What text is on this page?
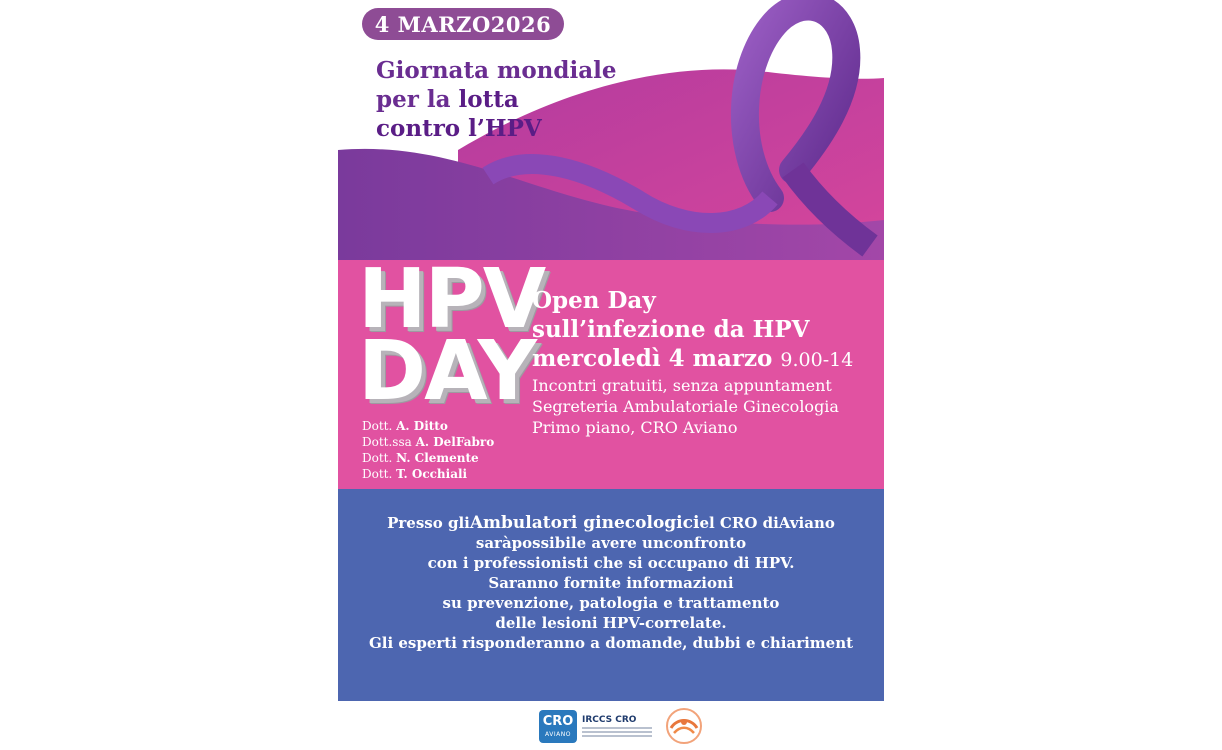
4 MARZO2026
Giornata mondiale
per la lotta
contro l’HPV
HPV
DAY
Dott. A. Ditto
Dott.ssa A. DelFabro
Dott. N. Clemente
Dott. T. Occhiali
Open Day
sull’infezione da HPV
mercoledì 4 marzo 9.00-14
Incontri gratuiti, senza appuntament
Segreteria Ambulatoriale Ginecologia
Primo piano, CRO Aviano
Presso gliAmbulatori ginecologiciel CRO diAviano
saràpossibile avere unconfronto
con i professionisti che si occupano di HPV.
Saranno fornite informazioni
su prevenzione, patologia e trattamento
delle lesioni HPV-correlate.
Gli esperti risponderanno a domande, dubbi e chiariment
CRO
AVIANO
IRCCS CRO
